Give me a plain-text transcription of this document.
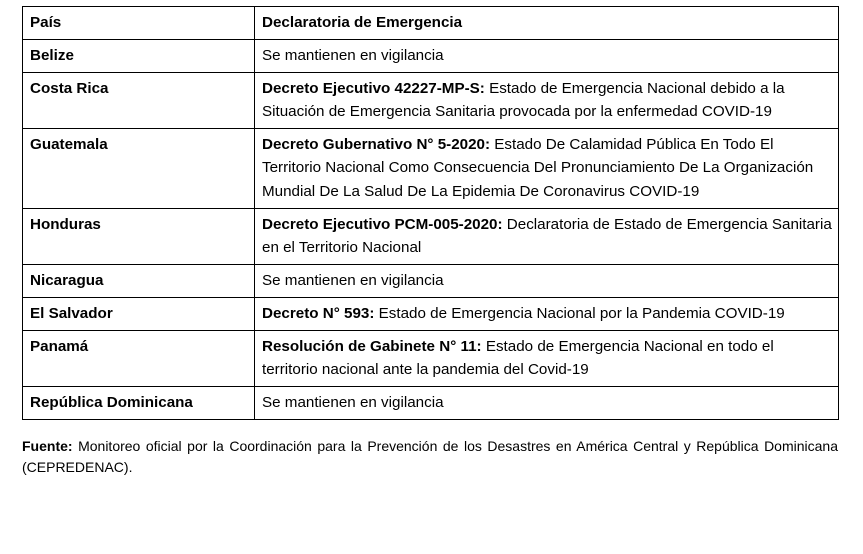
País	Declaratoria de Emergencia
Belize	Se mantienen en vigilancia
Costa Rica	Decreto Ejecutivo 42227-MP-S: Estado de Emergencia Nacional debido a la Situación de Emergencia Sanitaria provocada por la enfermedad COVID-19
Guatemala	Decreto Gubernativo N° 5-2020: Estado De Calamidad Pública En Todo El Territorio Nacional Como Consecuencia Del Pronunciamiento De La Organización Mundial De La Salud De La Epidemia De Coronavirus COVID-19
Honduras	Decreto Ejecutivo PCM-005-2020: Declaratoria de Estado de Emergencia Sanitaria en el Territorio Nacional
Nicaragua	Se mantienen en vigilancia
El Salvador	Decreto N° 593: Estado de Emergencia Nacional por la Pandemia COVID-19
Panamá	Resolución de Gabinete N° 11: Estado de Emergencia Nacional en todo el territorio nacional ante la pandemia del Covid-19
República Dominicana	Se mantienen en vigilancia
Fuente: Monitoreo oficial por la Coordinación para la Prevención de los Desastres en América Central y República Dominicana (CEPREDENAC).
